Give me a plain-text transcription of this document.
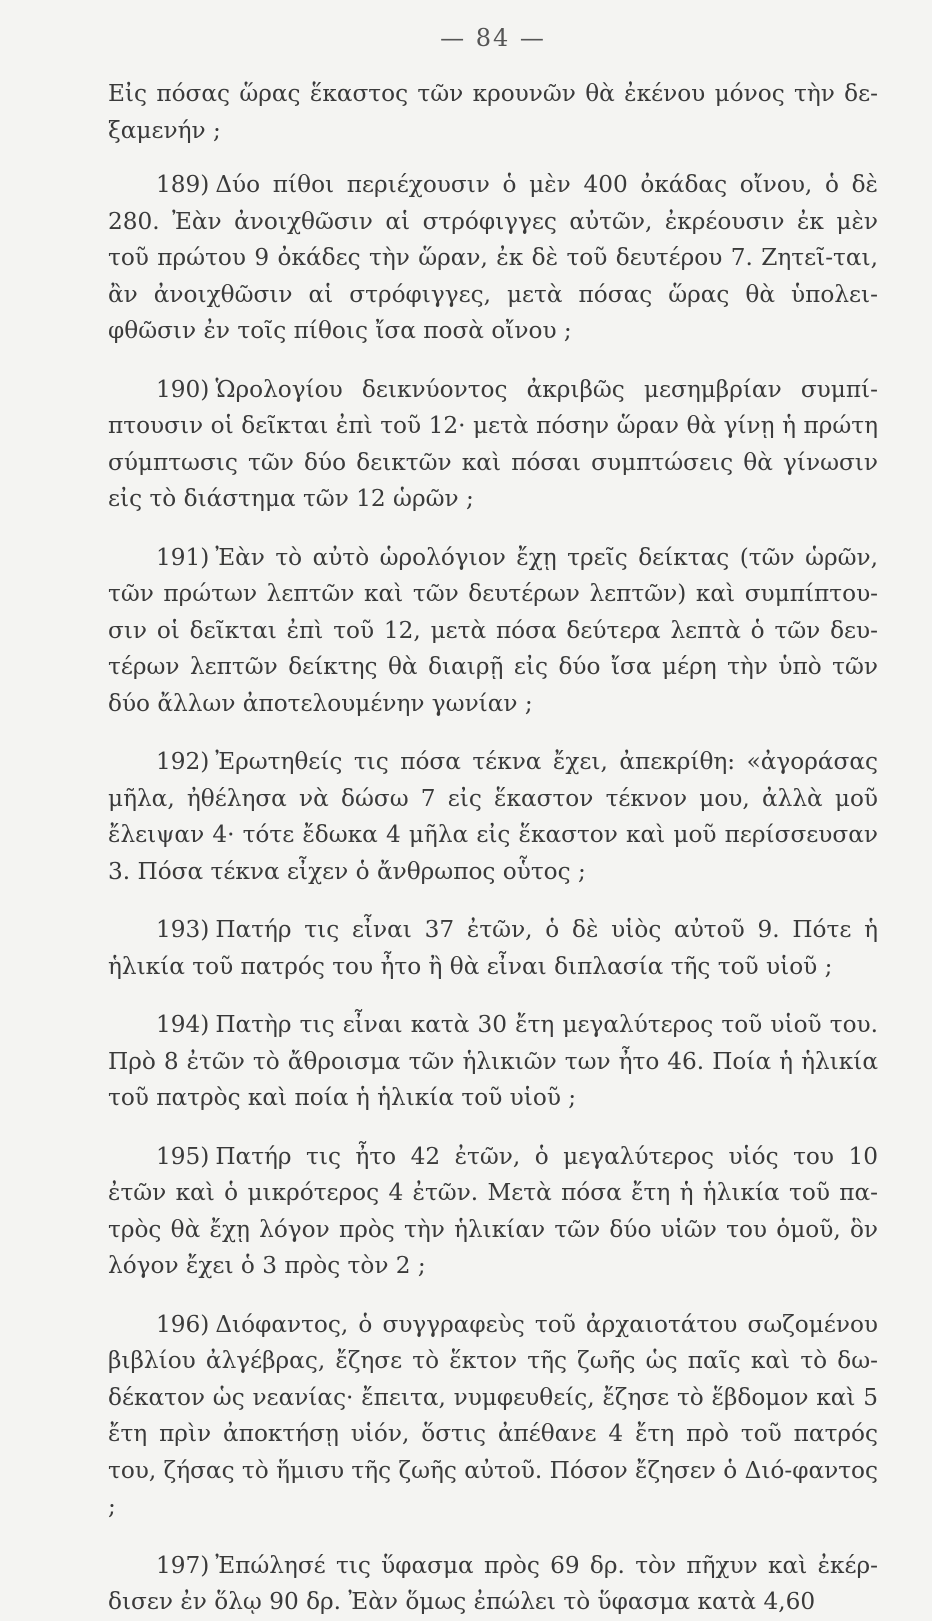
— 84 —

Εἰς πόσας ὥρας ἕκαστος τῶν κρουνῶν θὰ ἐκένου μόνος τὴν δε-ξαμενήν ;

189) Δύο πίθοι περιέχουσιν ὁ μὲν 400 ὀκάδας οἴνου, ὁ δὲ 280. Ἐὰν ἀνοιχθῶσιν αἱ στρόφιγγες αὐτῶν, ἐκρέουσιν ἐκ μὲν τοῦ πρώτου 9 ὀκάδες τὴν ὥραν, ἐκ δὲ τοῦ δευτέρου 7. Ζητεῖ-ται, ἂν ἀνοιχθῶσιν αἱ στρόφιγγες, μετὰ πόσας ὥρας θὰ ὑπολει-φθῶσιν ἐν τοῖς πίθοις ἴσα ποσὰ οἴνου ;

190) Ὡρολογίου δεικνύοντος ἀκριβῶς μεσημβρίαν συμπί-πτουσιν οἱ δεῖκται ἐπὶ τοῦ 12· μετὰ πόσην ὥραν θὰ γίνῃ ἡ πρώτη σύμπτωσις τῶν δύο δεικτῶν καὶ πόσαι συμπτώσεις θὰ γίνωσιν εἰς τὸ διάστημα τῶν 12 ὡρῶν ;

191) Ἐὰν τὸ αὐτὸ ὡρολόγιον ἔχῃ τρεῖς δείκτας (τῶν ὡρῶν, τῶν πρώτων λεπτῶν καὶ τῶν δευτέρων λεπτῶν) καὶ συμπίπτου-σιν οἱ δεῖκται ἐπὶ τοῦ 12, μετὰ πόσα δεύτερα λεπτὰ ὁ τῶν δευ-τέρων λεπτῶν δείκτης θὰ διαιρῇ εἰς δύο ἴσα μέρη τὴν ὑπὸ τῶν δύο ἄλλων ἀποτελουμένην γωνίαν ;

192) Ἐρωτηθείς τις πόσα τέκνα ἔχει, ἀπεκρίθη: «ἀγοράσας μῆλα, ἠθέλησα νὰ δώσω 7 εἰς ἕκαστον τέκνον μου, ἀλλὰ μοῦ ἔλειψαν 4· τότε ἔδωκα 4 μῆλα εἰς ἕκαστον καὶ μοῦ περίσσευσαν 3. Πόσα τέκνα εἶχεν ὁ ἄνθρωπος οὗτος ;

193) Πατήρ τις εἶναι 37 ἐτῶν, ὁ δὲ υἱὸς αὐτοῦ 9. Πότε ἡ ἡλικία τοῦ πατρός του ἦτο ἢ θὰ εἶναι διπλασία τῆς τοῦ υἱοῦ ;

194) Πατὴρ τις εἶναι κατὰ 30 ἔτη μεγαλύτερος τοῦ υἱοῦ του. Πρὸ 8 ἐτῶν τὸ ἄθροισμα τῶν ἡλικιῶν των ἦτο 46. Ποία ἡ ἡλικία τοῦ πατρὸς καὶ ποία ἡ ἡλικία τοῦ υἱοῦ ;

195) Πατήρ τις ἦτο 42 ἐτῶν, ὁ μεγαλύτερος υἱός του 10 ἐτῶν καὶ ὁ μικρότερος 4 ἐτῶν. Μετὰ πόσα ἔτη ἡ ἡλικία τοῦ πα-τρὸς θὰ ἔχῃ λόγον πρὸς τὴν ἡλικίαν τῶν δύο υἱῶν του ὁμοῦ, ὃν λόγον ἔχει ὁ 3 πρὸς τὸν 2 ;

196) Διόφαντος, ὁ συγγραφεὺς τοῦ ἀρχαιοτάτου σωζομένου βιβλίου ἀλγέβρας, ἔζησε τὸ ἕκτον τῆς ζωῆς ὡς παῖς καὶ τὸ δω-δέκατον ὡς νεανίας· ἔπειτα, νυμφευθείς, ἔζησε τὸ ἕβδομον καὶ 5 ἔτη πρὶν ἀποκτήσῃ υἱόν, ὅστις ἀπέθανε 4 ἔτη πρὸ τοῦ πατρός του, ζήσας τὸ ἥμισυ τῆς ζωῆς αὐτοῦ. Πόσον ἔζησεν ὁ Διό-φαντος ;

197) Ἐπώλησέ τις ὕφασμα πρὸς 69 δρ. τὸν πῆχυν καὶ ἐκέρ-δισεν ἐν ὅλῳ 90 δρ. Ἐὰν ὅμως ἐπώλει τὸ ὕφασμα κατὰ 4,60
